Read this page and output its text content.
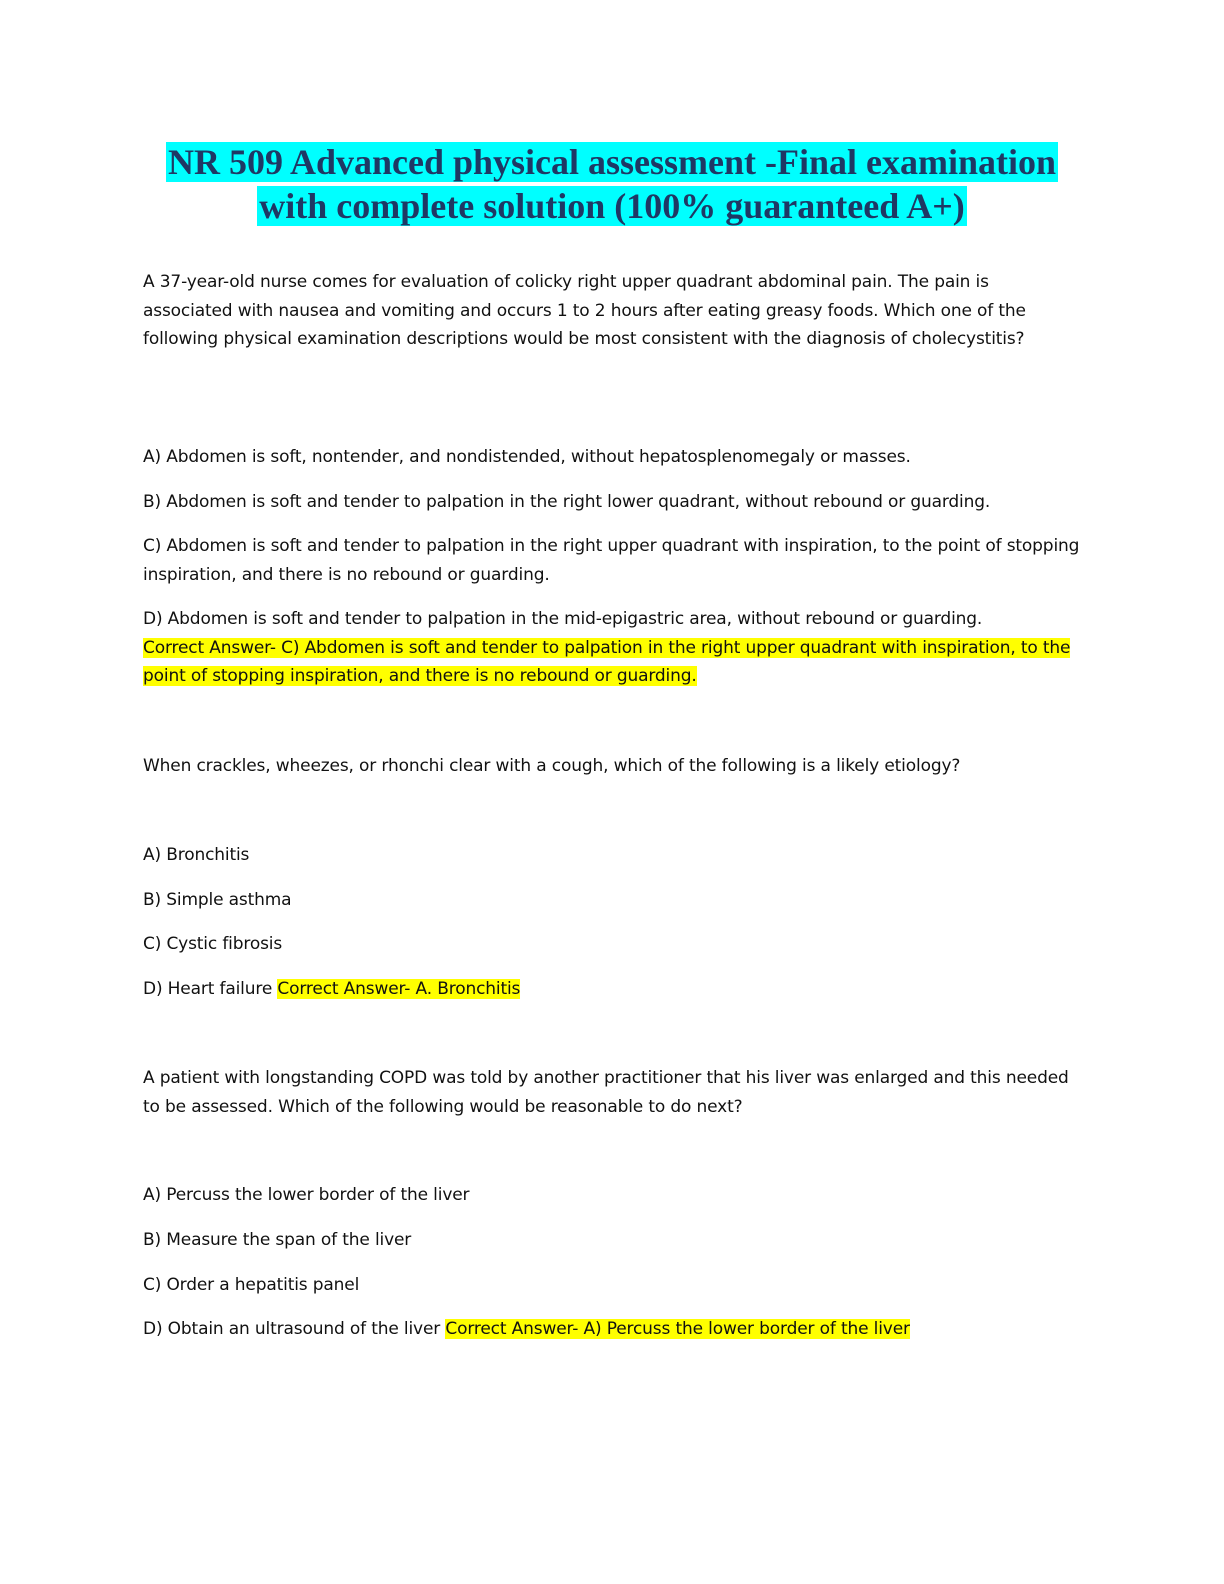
NR 509 Advanced physical assessment -Final examination
with complete solution (100% guaranteed A+)

A 37-year-old nurse comes for evaluation of colicky right upper quadrant abdominal pain. The pain is associated with nausea and vomiting and occurs 1 to 2 hours after eating greasy foods. Which one of the following physical examination descriptions would be most consistent with the diagnosis of cholecystitis?

A) Abdomen is soft, nontender, and nondistended, without hepatosplenomegaly or masses.

B) Abdomen is soft and tender to palpation in the right lower quadrant, without rebound or guarding.

C) Abdomen is soft and tender to palpation in the right upper quadrant with inspiration, to the point of stopping inspiration, and there is no rebound or guarding.

D) Abdomen is soft and tender to palpation in the mid-epigastric area, without rebound or guarding.
Correct Answer- C) Abdomen is soft and tender to palpation in the right upper quadrant with inspiration, to the point of stopping inspiration, and there is no rebound or guarding.

When crackles, wheezes, or rhonchi clear with a cough, which of the following is a likely etiology?

A) Bronchitis

B) Simple asthma

C) Cystic fibrosis

D) Heart failure Correct Answer- A. Bronchitis

A patient with longstanding COPD was told by another practitioner that his liver was enlarged and this needed to be assessed. Which of the following would be reasonable to do next?

A) Percuss the lower border of the liver

B) Measure the span of the liver

C) Order a hepatitis panel

D) Obtain an ultrasound of the liver Correct Answer- A) Percuss the lower border of the liver
